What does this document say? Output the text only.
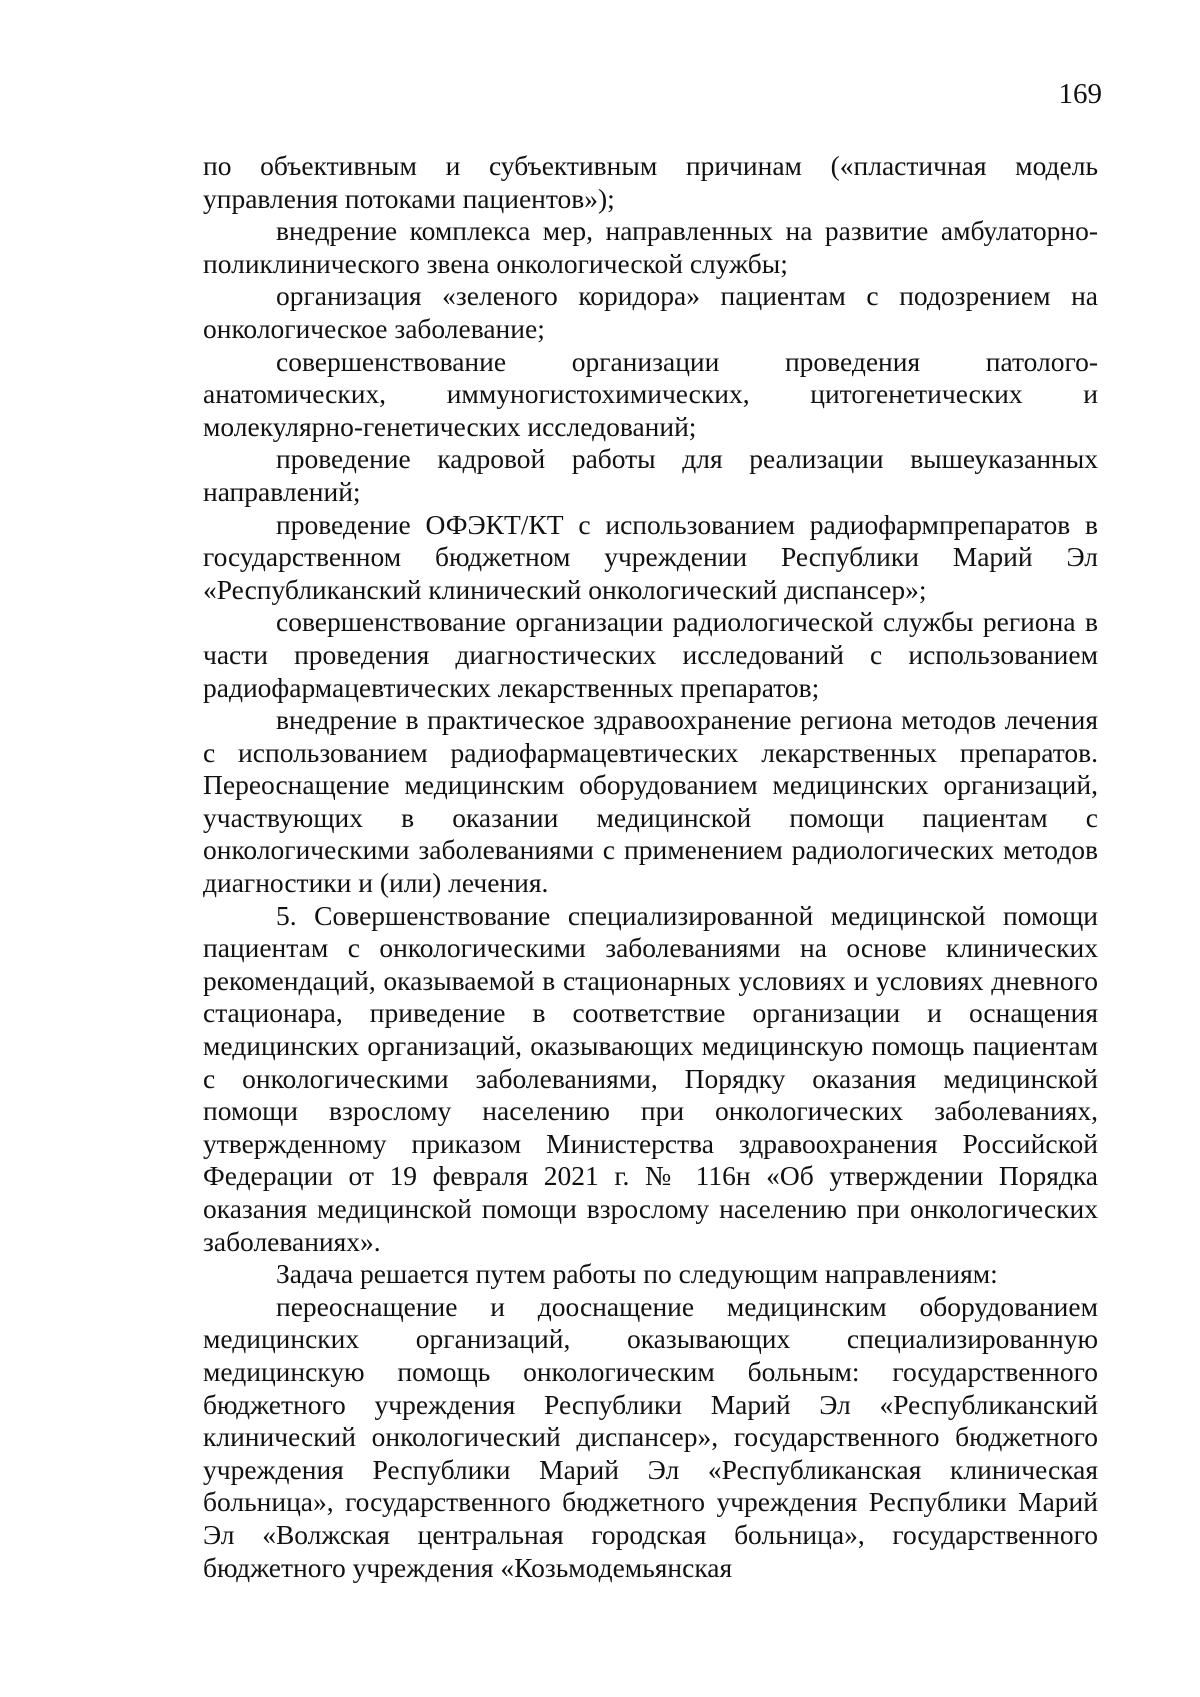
169

по объективным и субъективным причинам («пластичная модель управления потоками пациентов»);

внедрение комплекса мер, направленных на развитие амбулаторно-поликлинического звена онкологической службы;

организация «зеленого коридора» пациентам с подозрением на онкологическое заболевание;

совершенствование организации проведения патолого-анатомических, иммуногистохимических, цитогенетических и молекулярно-генетических исследований;

проведение кадровой работы для реализации вышеуказанных направлений;

проведение ОФЭКТ/КТ с использованием радиофармпрепаратов в государственном бюджетном учреждении Республики Марий Эл «Республиканский клинический онкологический диспансер»;

совершенствование организации радиологической службы региона в части проведения диагностических исследований с использованием радиофармацевтических лекарственных препаратов;

внедрение в практическое здравоохранение региона методов лечения с использованием радиофармацевтических лекарственных препаратов. Переоснащение медицинским оборудованием медицинских организаций, участвующих в оказании медицинской помощи пациентам с онкологическими заболеваниями с применением радиологических методов диагностики и (или) лечения.

5. Совершенствование специализированной медицинской помощи пациентам с онкологическими заболеваниями на основе клинических рекомендаций, оказываемой в стационарных условиях и условиях дневного стационара, приведение в соответствие организации и оснащения медицинских организаций, оказывающих медицинскую помощь пациентам с онкологическими заболеваниями, Порядку оказания медицинской помощи взрослому населению при онкологических заболеваниях, утвержденному приказом Министерства здравоохранения Российской Федерации от 19 февраля 2021 г. № 116н «Об утверждении Порядка оказания медицинской помощи взрослому населению при онкологических заболеваниях».

Задача решается путем работы по следующим направлениям:

переоснащение и дооснащение медицинским оборудованием медицинских организаций, оказывающих специализированную медицинскую помощь онкологическим больным: государственного бюджетного учреждения Республики Марий Эл «Республиканский клинический онкологический диспансер», государственного бюджетного учреждения Республики Марий Эл «Республиканская клиническая больница», государственного бюджетного учреждения Республики Марий Эл «Волжская центральная городская больница», государственного бюджетного учреждения «Козьмодемьянская
